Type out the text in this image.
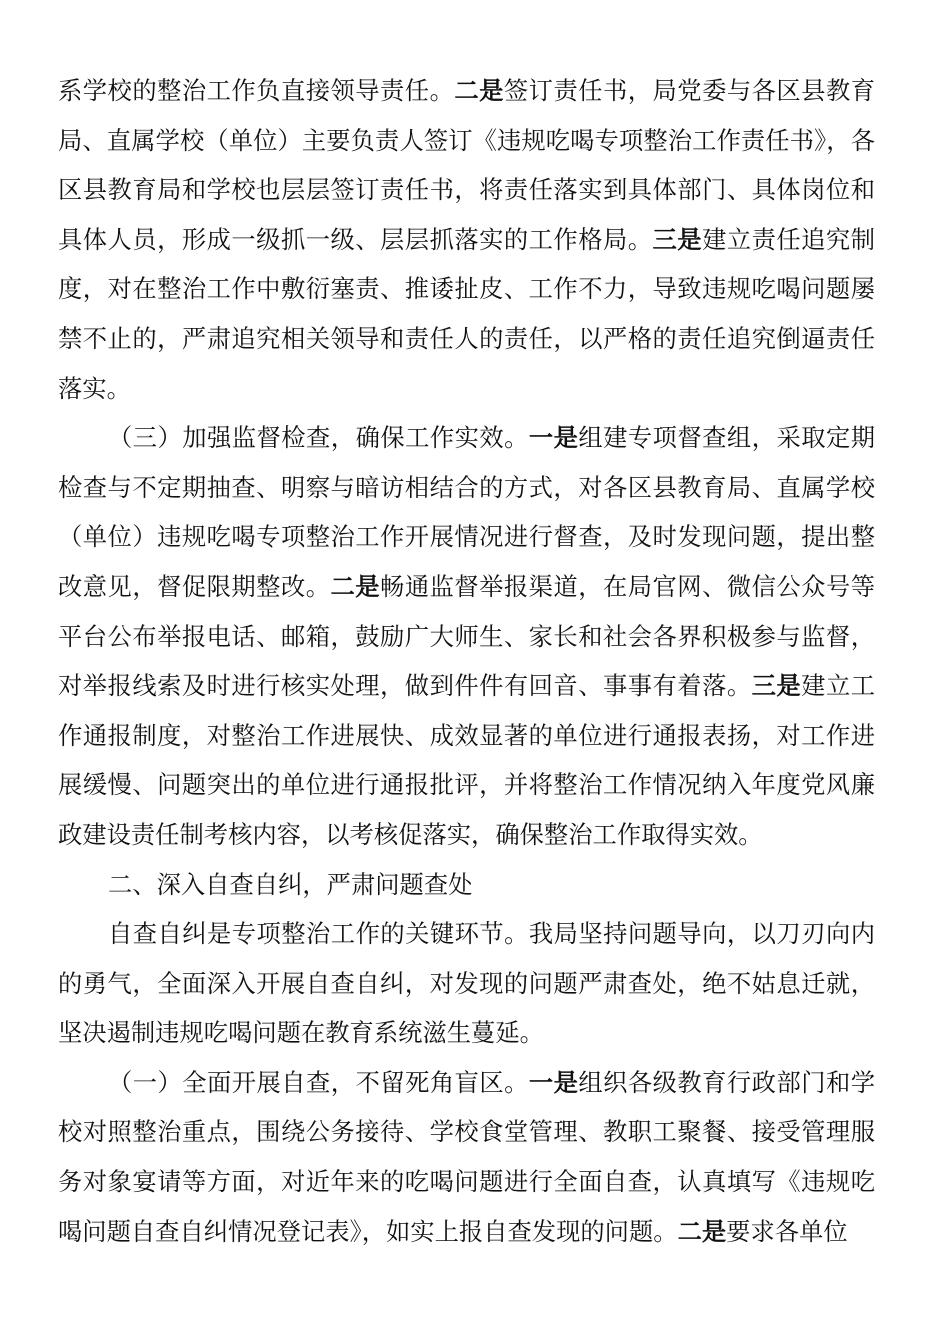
系学校的整治工作负直接领导责任。二是签订责任书，局党委与各区县教育局、直属学校（单位）主要负责人签订《违规吃喝专项整治工作责任书》，各区县教育局和学校也层层签订责任书，将责任落实到具体部门、具体岗位和具体人员，形成一级抓一级、层层抓落实的工作格局。三是建立责任追究制度，对在整治工作中敷衍塞责、推诿扯皮、工作不力，导致违规吃喝问题屡禁不止的，严肃追究相关领导和责任人的责任，以严格的责任追究倒逼责任落实。

（三）加强监督检查，确保工作实效。一是组建专项督查组，采取定期检查与不定期抽查、明察与暗访相结合的方式，对各区县教育局、直属学校（单位）违规吃喝专项整治工作开展情况进行督查，及时发现问题，提出整改意见，督促限期整改。二是畅通监督举报渠道，在局官网、微信公众号等平台公布举报电话、邮箱，鼓励广大师生、家长和社会各界积极参与监督，对举报线索及时进行核实处理，做到件件有回音、事事有着落。三是建立工作通报制度，对整治工作进展快、成效显著的单位进行通报表扬，对工作进展缓慢、问题突出的单位进行通报批评，并将整治工作情况纳入年度党风廉政建设责任制考核内容，以考核促落实，确保整治工作取得实效。

二、深入自查自纠，严肃问题查处

自查自纠是专项整治工作的关键环节。我局坚持问题导向，以刀刃向内的勇气，全面深入开展自查自纠，对发现的问题严肃查处，绝不姑息迁就，坚决遏制违规吃喝问题在教育系统滋生蔓延。

（一）全面开展自查，不留死角盲区。一是组织各级教育行政部门和学校对照整治重点，围绕公务接待、学校食堂管理、教职工聚餐、接受管理服务对象宴请等方面，对近年来的吃喝问题进行全面自查，认真填写《违规吃喝问题自查自纠情况登记表》，如实上报自查发现的问题。二是要求各单位
